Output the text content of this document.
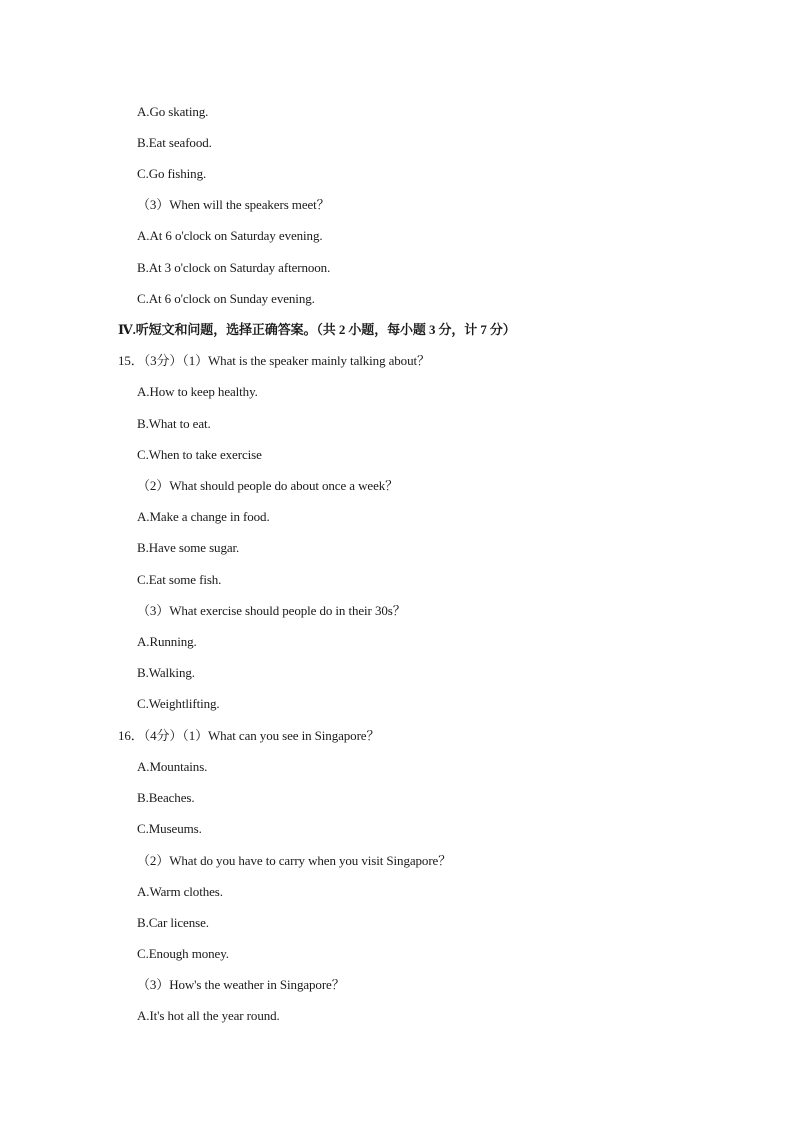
A.Go skating.
B.Eat seafood.
C.Go fishing.
（3）When will the speakers meet？
A.At 6 o'clock on Saturday evening.
B.At 3 o'clock on Saturday afternoon.
C.At 6 o'clock on Sunday evening.
Ⅳ.听短文和问题，选择正确答案。（共 2 小题，每小题 3 分，计 7 分）
15．（3分）（1）What is the speaker mainly talking about？
A.How to keep healthy.
B.What to eat.
C.When to take exercise
（2）What should people do about once a week？
A.Make a change in food.
B.Have some sugar.
C.Eat some fish.
（3）What exercise should people do in their 30s？
A.Running.
B.Walking.
C.Weightlifting.
16．（4分）（1）What can you see in Singapore？
A.Mountains.
B.Beaches.
C.Museums.
（2）What do you have to carry when you visit Singapore？
A.Warm clothes.
B.Car license.
C.Enough money.
（3）How's the weather in Singapore？
A.It's hot all the year round.
